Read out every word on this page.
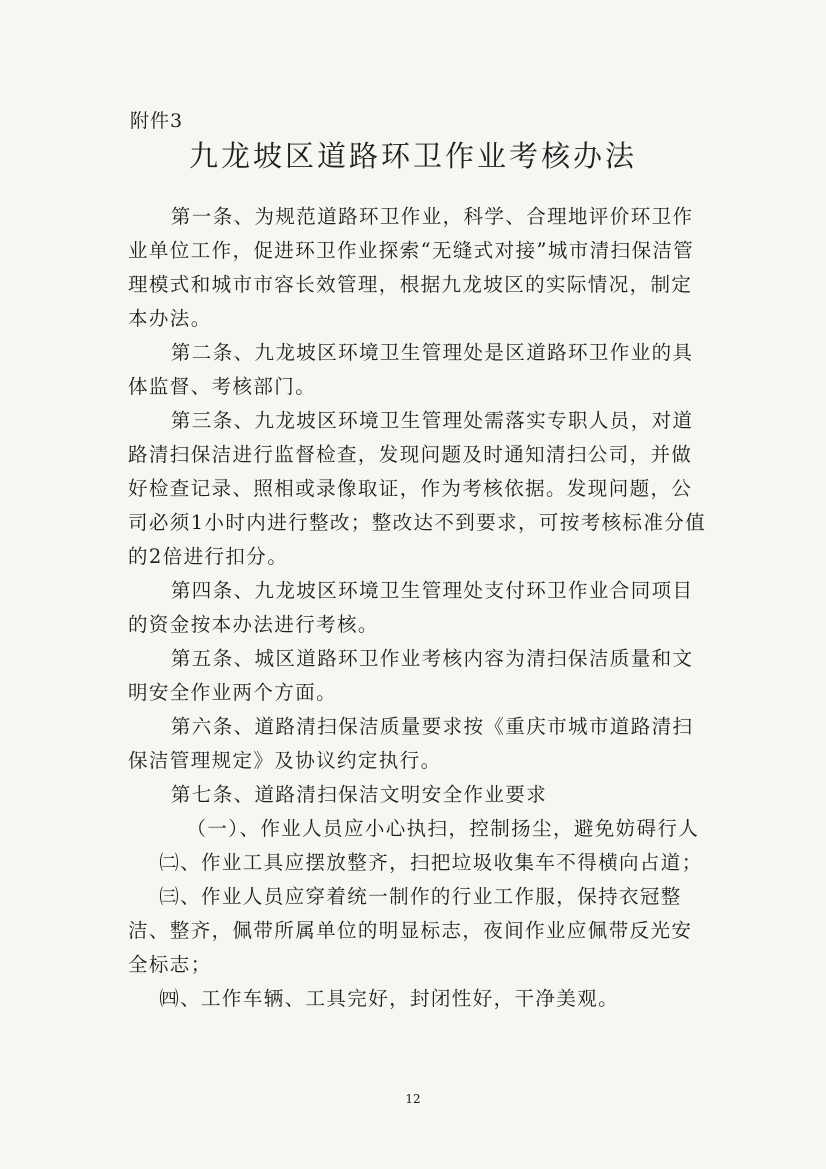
附件3
九龙坡区道路环卫作业考核办法

第一条、为规范道路环卫作业，科学、合理地评价环卫作业单位工作，促进环卫作业探索“无缝式对接”城市清扫保洁管理模式和城市市容长效管理，根据九龙坡区的实际情况，制定本办法。

第二条、九龙坡区环境卫生管理处是区道路环卫作业的具体监督、考核部门。

第三条、九龙坡区环境卫生管理处需落实专职人员，对道路清扫保洁进行监督检查，发现问题及时通知清扫公司，并做好检查记录、照相或录像取证，作为考核依据。发现问题，公司必须1小时内进行整改；整改达不到要求，可按考核标准分值的2倍进行扣分。

第四条、九龙坡区环境卫生管理处支付环卫作业合同项目的资金按本办法进行考核。

第五条、城区道路环卫作业考核内容为清扫保洁质量和文明安全作业两个方面。

第六条、道路清扫保洁质量要求按《重庆市城市道路清扫保洁管理规定》及协议约定执行。

第七条、道路清扫保洁文明安全作业要求

（一）、作业人员应小心执扫，控制扬尘，避免妨碍行人

㈡、作业工具应摆放整齐，扫把垃圾收集车不得横向占道；

㈢、作业人员应穿着统一制作的行业工作服，保持衣冠整洁、整齐，佩带所属单位的明显标志，夜间作业应佩带反光安全标志；

㈣、工作车辆、工具完好，封闭性好，干净美观。

12
